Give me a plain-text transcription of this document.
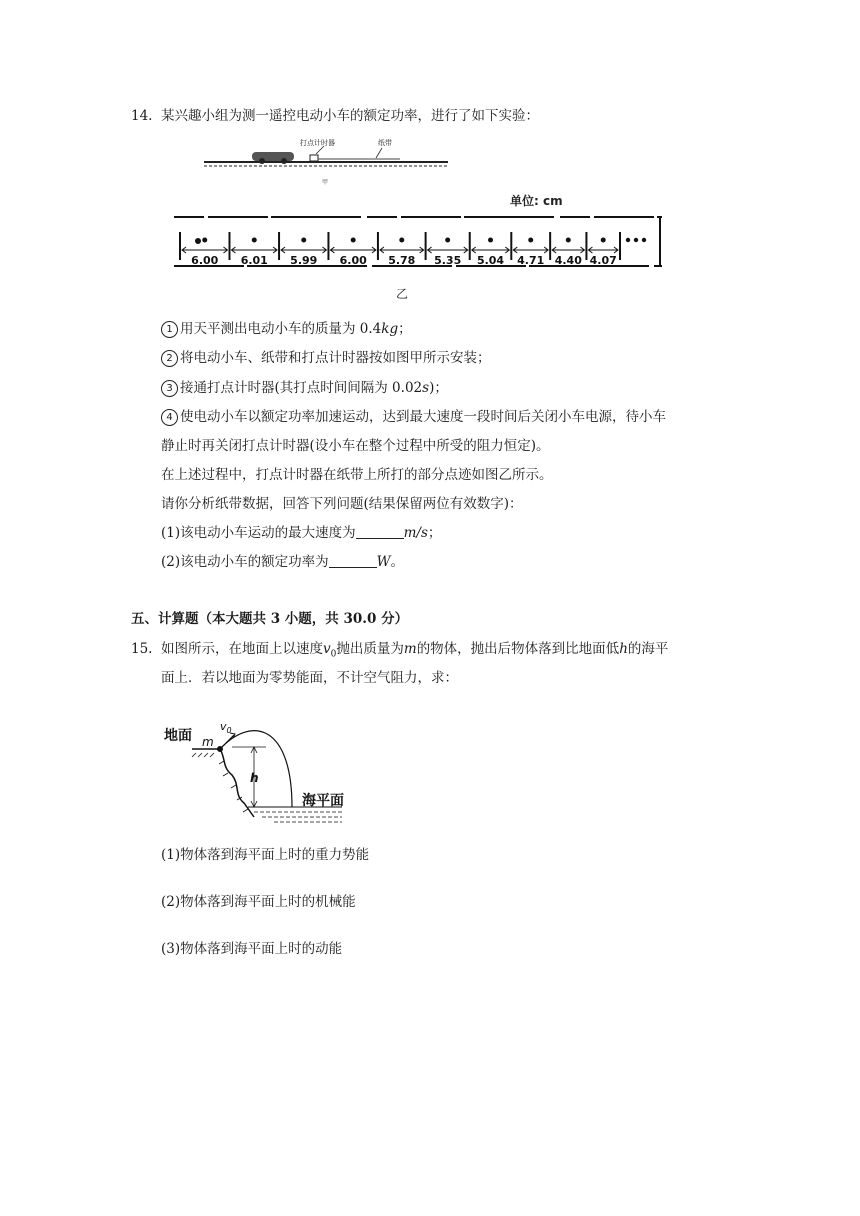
14. 某兴趣小组为测一遥控电动小车的额定功率，进行了如下实验：
打点计时器	纸带
甲
单位: cm
6.00 6.01 5.99 6.00 5.78 5.35 5.04 4.71 4.40 4.07
乙
1 用天平测出电动小车的质量为 0.4kg；
2 将电动小车、纸带和打点计时器按如图甲所示安装；
3 接通打点计时器(其打点时间间隔为 0.02s)；
4 使电动小车以额定功率加速运动，达到最大速度一段时间后关闭小车电源，待小车
静止时再关闭打点计时器(设小车在整个过程中所受的阻力恒定)。
在上述过程中，打点计时器在纸带上所打的部分点迹如图乙所示。
请你分析纸带数据，回答下列问题(结果保留两位有效数字)：
(1)该电动小车运动的最大速度为	m/s；
(2)该电动小车的额定功率为	W。
五、计算题（本大题共 3 小题，共 30.0 分）
15. 如图所示，在地面上以速度$v_0$抛出质量为m的物体，抛出后物体落到比地面低h的海平
面上．若以地面为零势能面，不计空气阻力，求：
地面 m
$v_0$
h
海平面
(1)物体落到海平面上时的重力势能
(2)物体落到海平面上时的机械能
(3)物体落到海平面上时的动能
